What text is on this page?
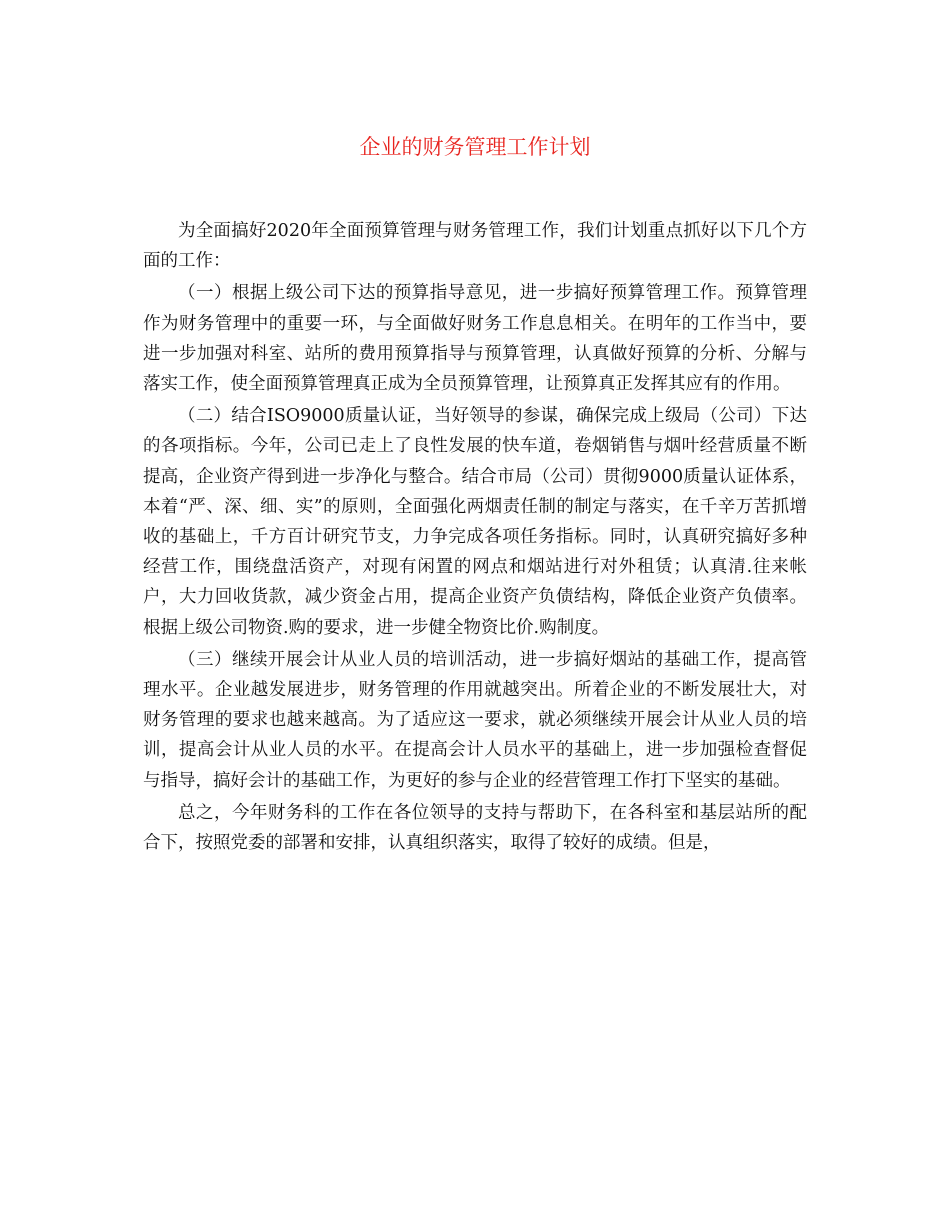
企业的财务管理工作计划

为全面搞好2020年全面预算管理与财务管理工作，我们计划重点抓好以下几个方面的工作：

（一）根据上级公司下达的预算指导意见，进一步搞好预算管理工作。预算管理作为财务管理中的重要一环，与全面做好财务工作息息相关。在明年的工作当中，要进一步加强对科室、站所的费用预算指导与预算管理，认真做好预算的分析、分解与落实工作，使全面预算管理真正成为全员预算管理，让预算真正发挥其应有的作用。

（二）结合ISO9000质量认证，当好领导的参谋，确保完成上级局（公司）下达的各项指标。今年，公司已走上了良性发展的快车道，卷烟销售与烟叶经营质量不断提高，企业资产得到进一步净化与整合。结合市局（公司）贯彻9000质量认证体系，本着“严、深、细、实”的原则，全面强化两烟责任制的制定与落实，在千辛万苦抓增收的基础上，千方百计研究节支，力争完成各项任务指标。同时，认真研究搞好多种经营工作，围绕盘活资产，对现有闲置的网点和烟站进行对外租赁；认真清.往来帐户，大力回收货款，减少资金占用，提高企业资产负债结构，降低企业资产负债率。根据上级公司物资.购的要求，进一步健全物资比价.购制度。

（三）继续开展会计从业人员的培训活动，进一步搞好烟站的基础工作，提高管理水平。企业越发展进步，财务管理的作用就越突出。所着企业的不断发展壮大，对财务管理的要求也越来越高。为了适应这一要求，就必须继续开展会计从业人员的培训，提高会计从业人员的水平。在提高会计人员水平的基础上，进一步加强检查督促与指导，搞好会计的基础工作，为更好的参与企业的经营管理工作打下坚实的基础。

总之，今年财务科的工作在各位领导的支持与帮助下，在各科室和基层站所的配合下，按照党委的部署和安排，认真组织落实，取得了较好的成绩。但是，
